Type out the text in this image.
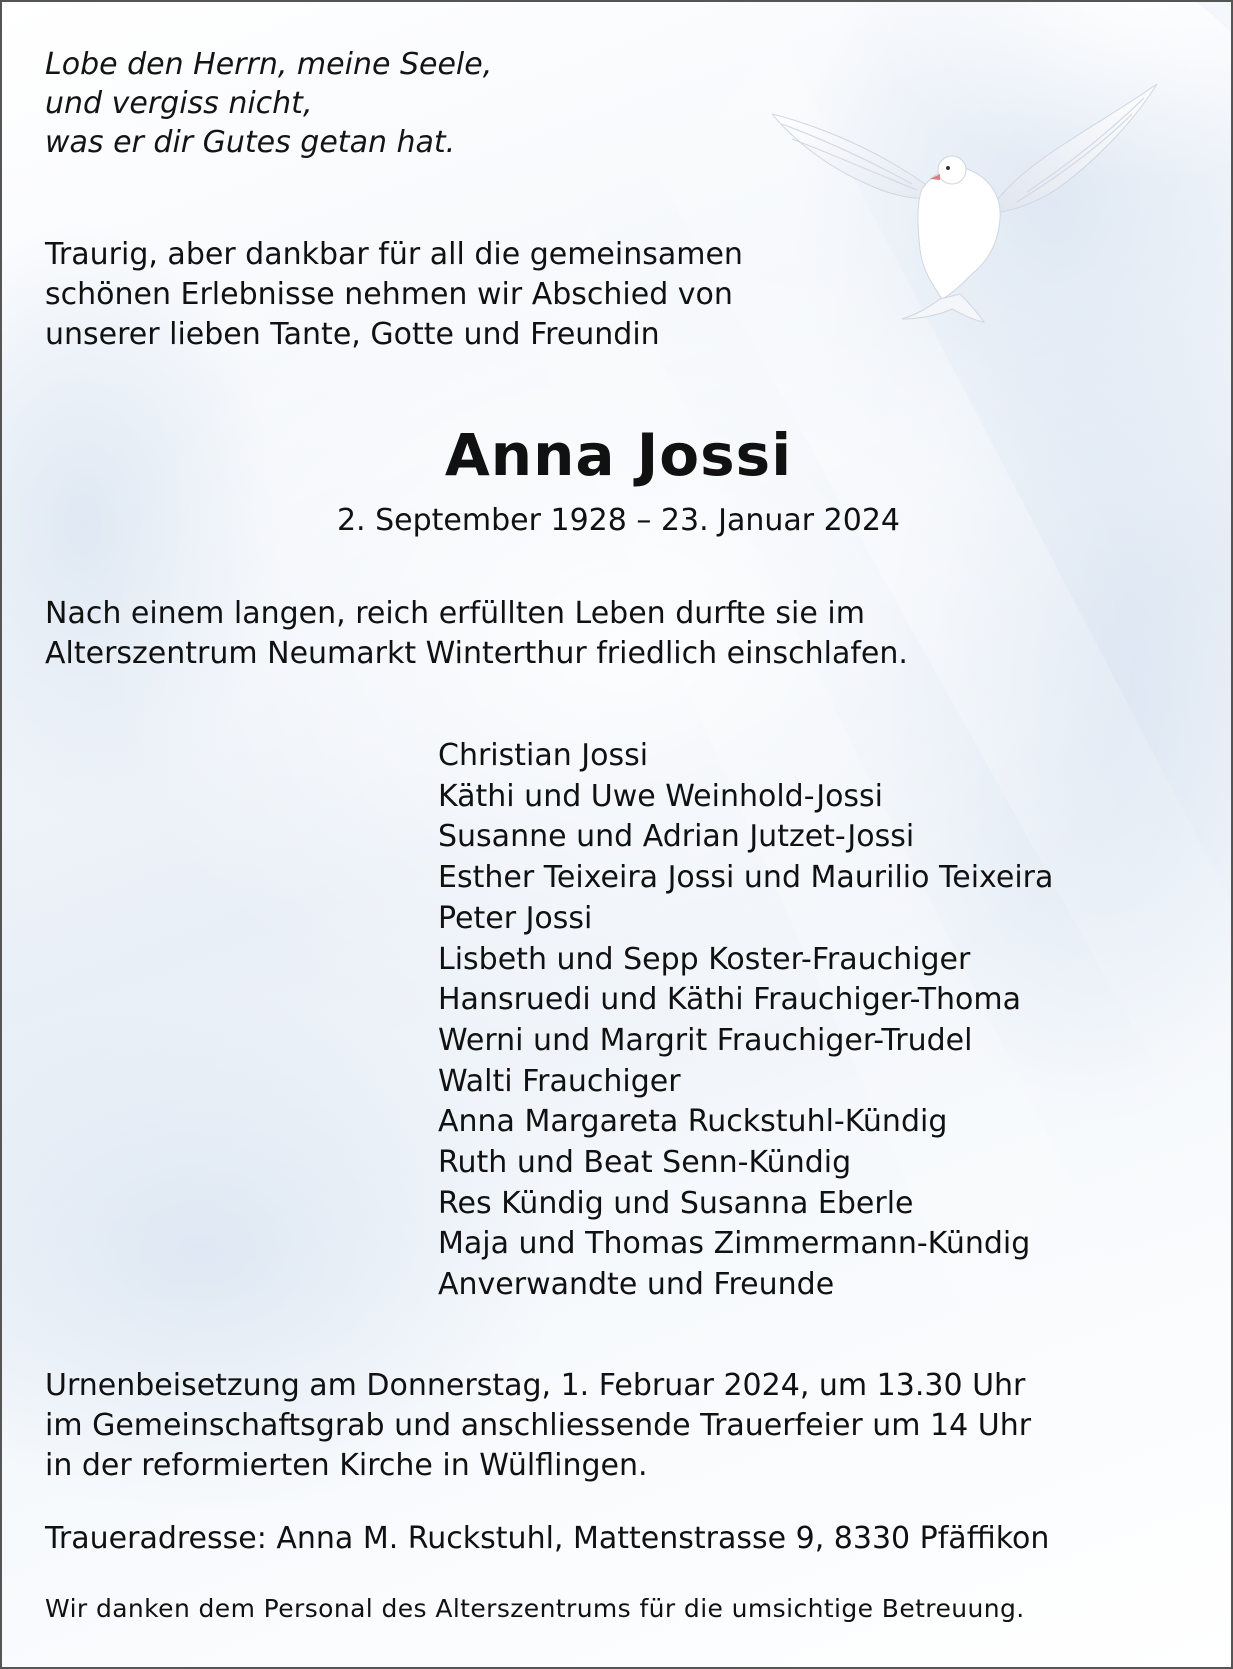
Lobe den Herrn, meine Seele,
und vergiss nicht,
was er dir Gutes getan hat.
Traurig, aber dankbar für all die gemeinsamen
schönen Erlebnisse nehmen wir Abschied von
unserer lieben Tante, Gotte und Freundin
Anna Jossi
2. September 1928 – 23. Januar 2024
Nach einem langen, reich erfüllten Leben durfte sie im
Alterszentrum Neumarkt Winterthur friedlich einschlafen.
Christian Jossi
Käthi und Uwe Weinhold-Jossi
Susanne und Adrian Jutzet-Jossi
Esther Teixeira Jossi und Maurilio Teixeira
Peter Jossi
Lisbeth und Sepp Koster-Frauchiger
Hansruedi und Käthi Frauchiger-Thoma
Werni und Margrit Frauchiger-Trudel
Walti Frauchiger
Anna Margareta Ruckstuhl-Kündig
Ruth und Beat Senn-Kündig
Res Kündig und Susanna Eberle
Maja und Thomas Zimmermann-Kündig
Anverwandte und Freunde
Urnenbeisetzung am Donnerstag, 1. Februar 2024, um 13.30 Uhr
im Gemeinschaftsgrab und anschliessende Trauerfeier um 14 Uhr
in der reformierten Kirche in Wülflingen.
Traueradresse: Anna M. Ruckstuhl, Mattenstrasse 9, 8330 Pfäffikon
Wir danken dem Personal des Alterszentrums für die umsichtige Betreuung.
